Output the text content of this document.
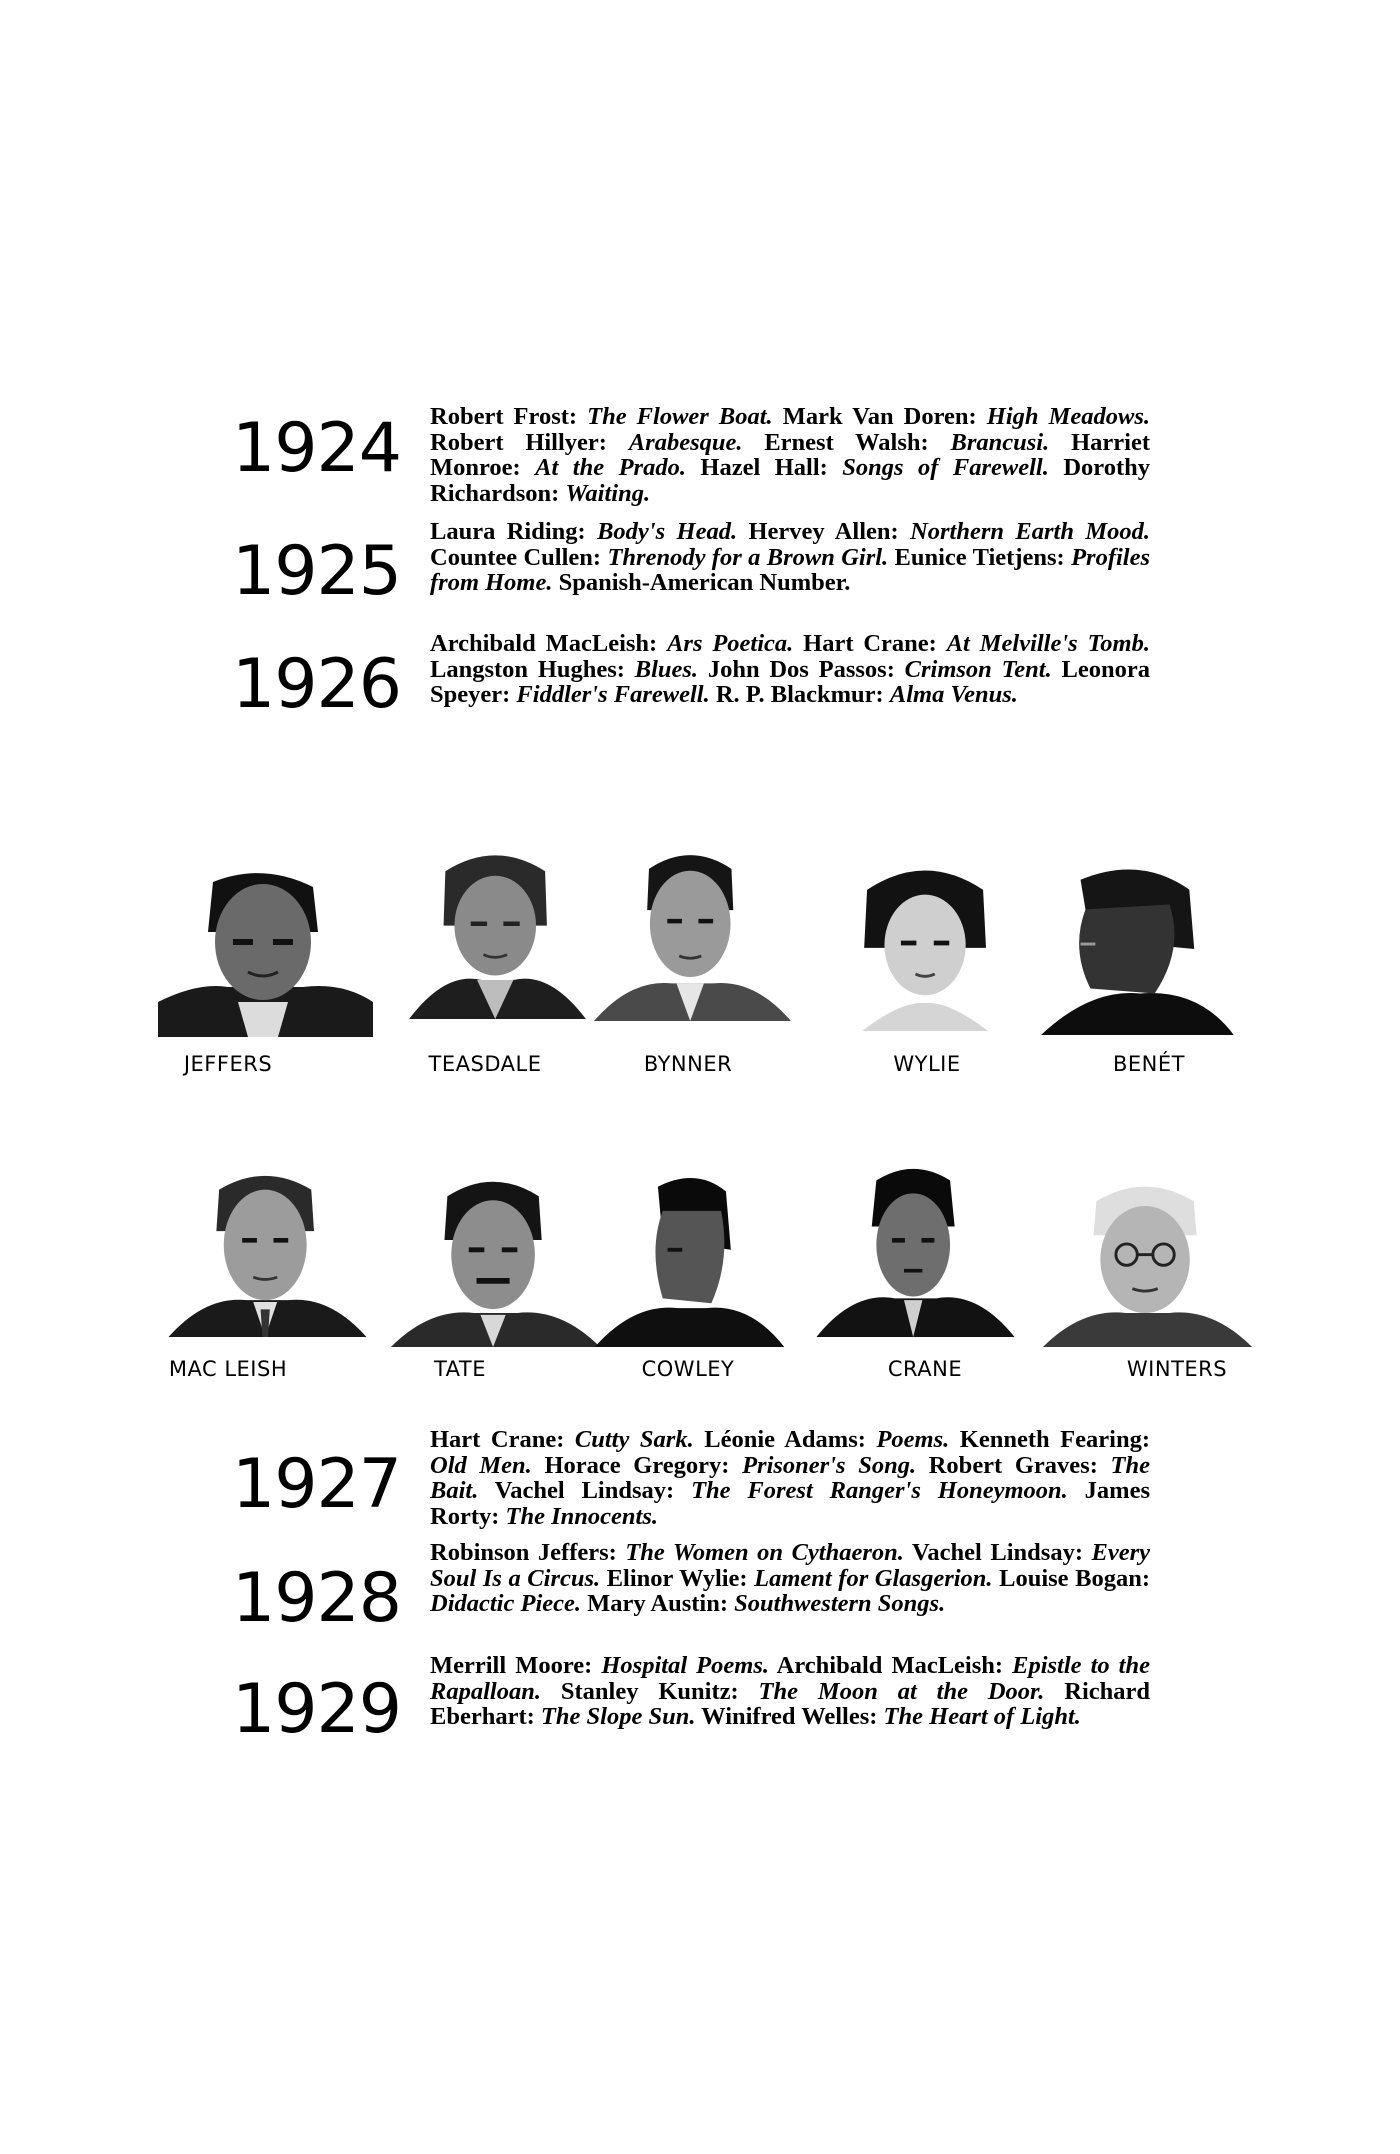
1924 Robert Frost: The Flower Boat. Mark Van Doren: High Meadows. Robert Hillyer: Arabesque. Ernest Walsh: Brancusi. Harriet Monroe: At the Prado. Hazel Hall: Songs of Farewell. Dorothy Richardson: Waiting.
1925
Laura Riding: Body's Head. Hervey Allen: Northern Earth Mood. Countee Cullen: Threnody for a Brown Girl. Eunice Tietjens: Profiles from Home. Spanish-American Number.
1926
Archibald MacLeish: Ars Poetica. Hart Crane: At Melville's Tomb. Langston Hughes: Blues. John Dos Passos: Crimson Tent. Leonora Speyer: Fiddler's Farewell. R. P. Blackmur: Alma Venus.
JEFFERS	TEASDALE	BYNNER	WYLIE	BENÉT
MAC LEISH	TATE	COWLEY	CRANE	WINTERS
1927
Hart Crane: Cutty Sark. Léonie Adams: Poems. Kenneth Fearing: Old Men. Horace Gregory: Prisoner's Song. Robert Graves: The Bait. Vachel Lindsay: The Forest Ranger's Honeymoon. James Rorty: The Innocents.
1928
Robinson Jeffers: The Women on Cythaeron. Vachel Lindsay: Every Soul Is a Circus. Elinor Wylie: Lament for Glasgerion. Louise Bogan: Didactic Piece. Mary Austin: Southwestern Songs.
1929
Merrill Moore: Hospital Poems. Archibald MacLeish: Epistle to the Rapalloan. Stanley Kunitz: The Moon at the Door. Richard Eberhart: The Slope Sun. Winifred Welles: The Heart of Light.
